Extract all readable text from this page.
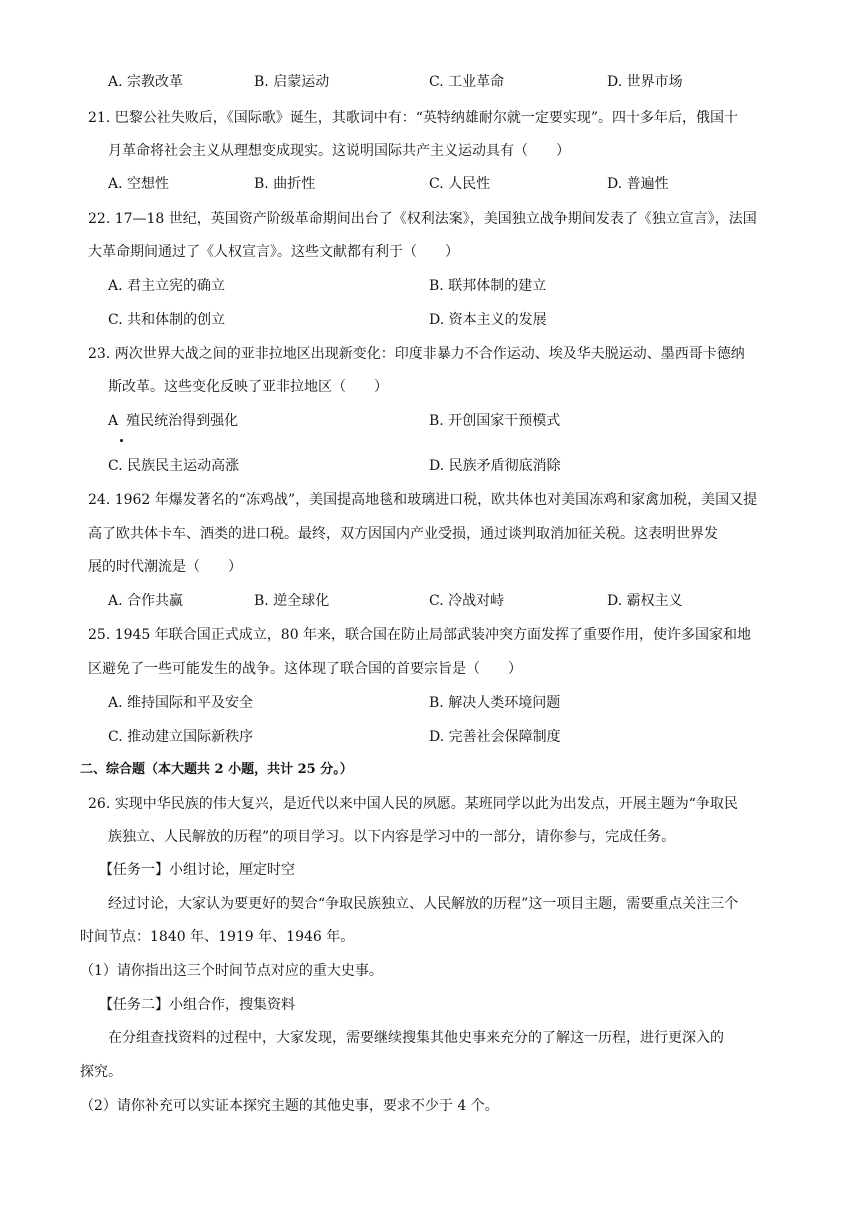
A. 宗教改革	B. 启蒙运动	C. 工业革命	D. 世界市场
21. 巴黎公社失败后，《国际歌》诞生，其歌词中有：“英特纳雄耐尔就一定要实现”。四十多年后，俄国十
月革命将社会主义从理想变成现实。这说明国际共产主义运动具有（　　）
A. 空想性	B. 曲折性	C. 人民性	D. 普遍性
22. 17—18 世纪，英国资产阶级革命期间出台了《权利法案》，美国独立战争期间发表了《独立宣言》，法国
大革命期间通过了《人权宣言》。这些文献都有利于（　　）
A. 君主立宪的确立	B. 联邦体制的建立
C. 共和体制的创立	D. 资本主义的发展
23. 两次世界大战之间的亚非拉地区出现新变化：印度非暴力不合作运动、埃及华夫脱运动、墨西哥卡德纳
斯改革。这些变化反映了亚非拉地区（　　）
A 殖民统治得到强化	B. 开创国家干预模式
C. 民族民主运动高涨	D. 民族矛盾彻底消除
24. 1962 年爆发著名的“冻鸡战”，美国提高地毯和玻璃进口税，欧共体也对美国冻鸡和家禽加税，美国又提
高了欧共体卡车、酒类的进口税。最终，双方因国内产业受损，通过谈判取消加征关税。这表明世界发
展的时代潮流是（　　）
A. 合作共赢	B. 逆全球化	C. 冷战对峙	D. 霸权主义
25. 1945 年联合国正式成立，80 年来，联合国在防止局部武装冲突方面发挥了重要作用，使许多国家和地
区避免了一些可能发生的战争。这体现了联合国的首要宗旨是（　　）
A. 维持国际和平及安全	B. 解决人类环境问题
C. 推动建立国际新秩序	D. 完善社会保障制度
二、综合题（本大题共 2 小题，共计 25 分。）
26. 实现中华民族的伟大复兴，是近代以来中国人民的夙愿。某班同学以此为出发点，开展主题为“争取民
族独立、人民解放的历程”的项目学习。以下内容是学习中的一部分，请你参与，完成任务。
【任务一】小组讨论，厘定时空
经过讨论，大家认为要更好的契合“争取民族独立、人民解放的历程”这一项目主题，需要重点关注三个
时间节点：1840 年、1919 年、1946 年。
（1）请你指出这三个时间节点对应的重大史事。
【任务二】小组合作，搜集资料
在分组查找资料的过程中，大家发现，需要继续搜集其他史事来充分的了解这一历程，进行更深入的
探究。
（2）请你补充可以实证本探究主题的其他史事，要求不少于 4 个。
